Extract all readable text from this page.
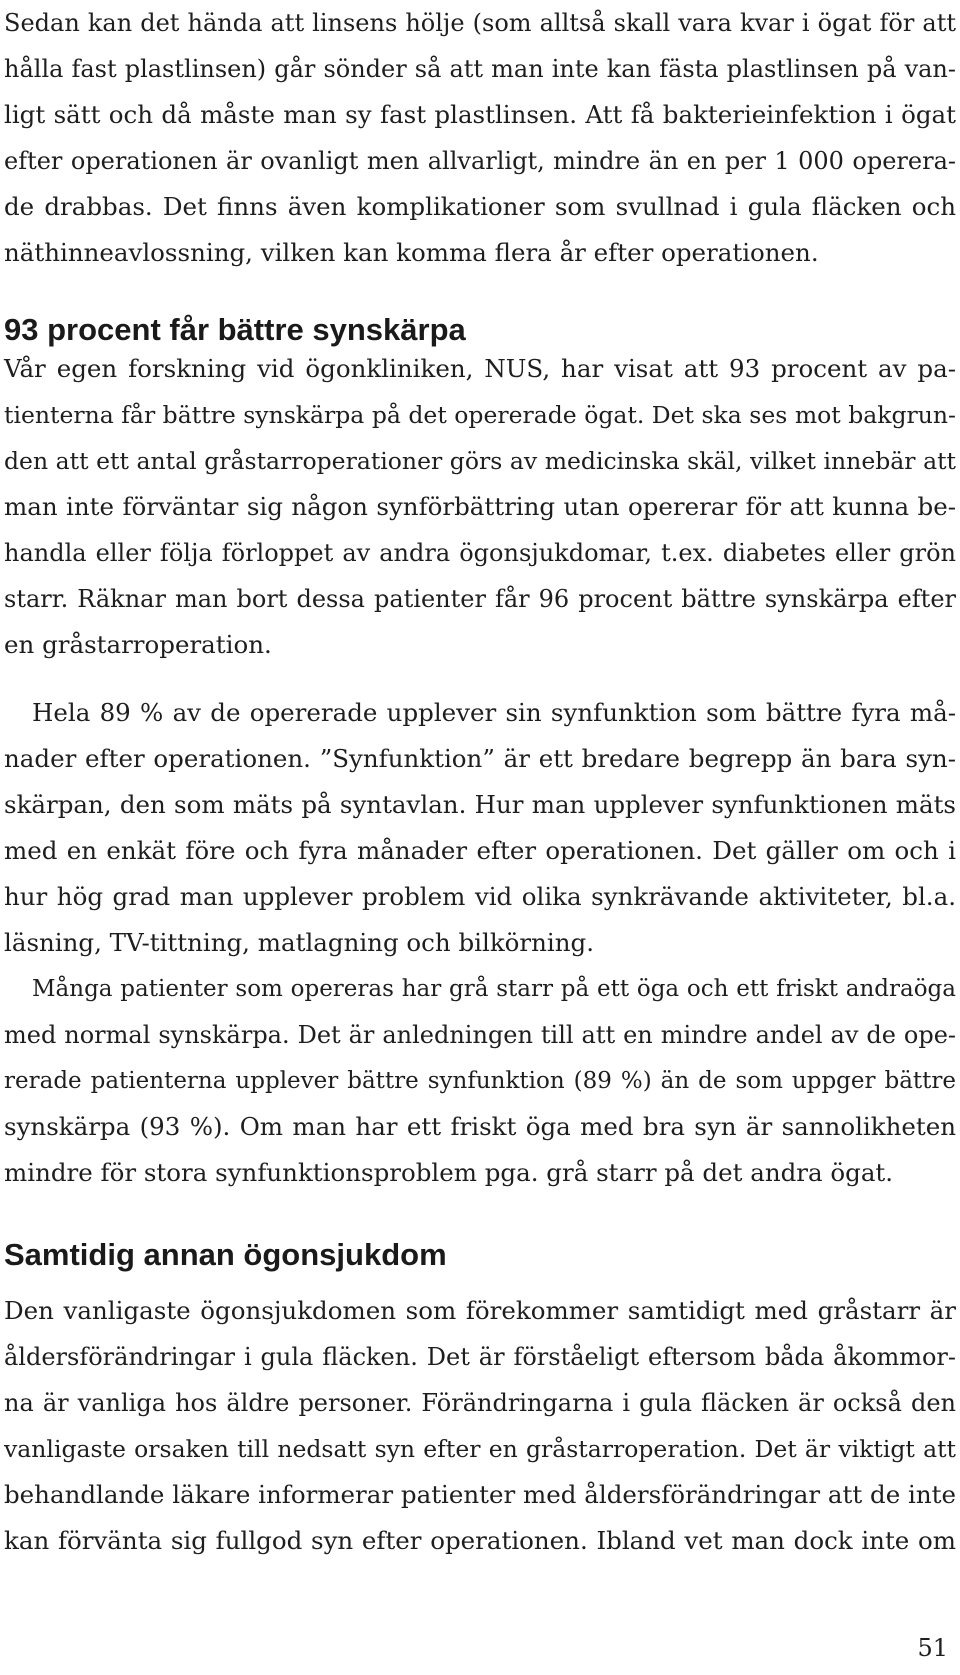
Sedan kan det hända att linsens hölje (som alltså skall vara kvar i ögat för att
hålla fast plastlinsen) går sönder så att man inte kan fästa plastlinsen på van-
ligt sätt och då måste man sy fast plastlinsen. Att få bakterieinfektion i ögat
efter operationen är ovanligt men allvarligt, mindre än en per 1 000 operera-
de drabbas. Det finns även komplikationer som svullnad i gula fläcken och
näthinneavlossning, vilken kan komma flera år efter operationen.
93 procent får bättre synskärpa
Vår egen forskning vid ögonkliniken, NUS, har visat att 93 procent av pa-
tienterna får bättre synskärpa på det opererade ögat. Det ska ses mot bakgrun-
den att ett antal gråstarroperationer görs av medicinska skäl, vilket innebär att
man inte förväntar sig någon synförbättring utan opererar för att kunna be-
handla eller följa förloppet av andra ögonsjukdomar, t.ex. diabetes eller grön
starr. Räknar man bort dessa patienter får 96 procent bättre synskärpa efter
en gråstarroperation.
Hela 89 % av de opererade upplever sin synfunktion som bättre fyra må-
nader efter operationen. ”Synfunktion” är ett bredare begrepp än bara syn-
skärpan, den som mäts på syntavlan. Hur man upplever synfunktionen mäts
med en enkät före och fyra månader efter operationen. Det gäller om och i
hur hög grad man upplever problem vid olika synkrävande aktiviteter, bl.a.
läsning, TV-tittning, matlagning och bilkörning.
Många patienter som opereras har grå starr på ett öga och ett friskt andraöga
med normal synskärpa. Det är anledningen till att en mindre andel av de ope-
rerade patienterna upplever bättre synfunktion (89 %) än de som uppger bättre
synskärpa (93 %). Om man har ett friskt öga med bra syn är sannolikheten
mindre för stora synfunktionsproblem pga. grå starr på det andra ögat.
Samtidig annan ögonsjukdom
Den vanligaste ögonsjukdomen som förekommer samtidigt med gråstarr är
åldersförändringar i gula fläcken. Det är förståeligt eftersom båda åkommor-
na är vanliga hos äldre personer. Förändringarna i gula fläcken är också den
vanligaste orsaken till nedsatt syn efter en gråstarroperation. Det är viktigt att
behandlande läkare informerar patienter med åldersförändringar att de inte
kan förvänta sig fullgod syn efter operationen. Ibland vet man dock inte om
51
